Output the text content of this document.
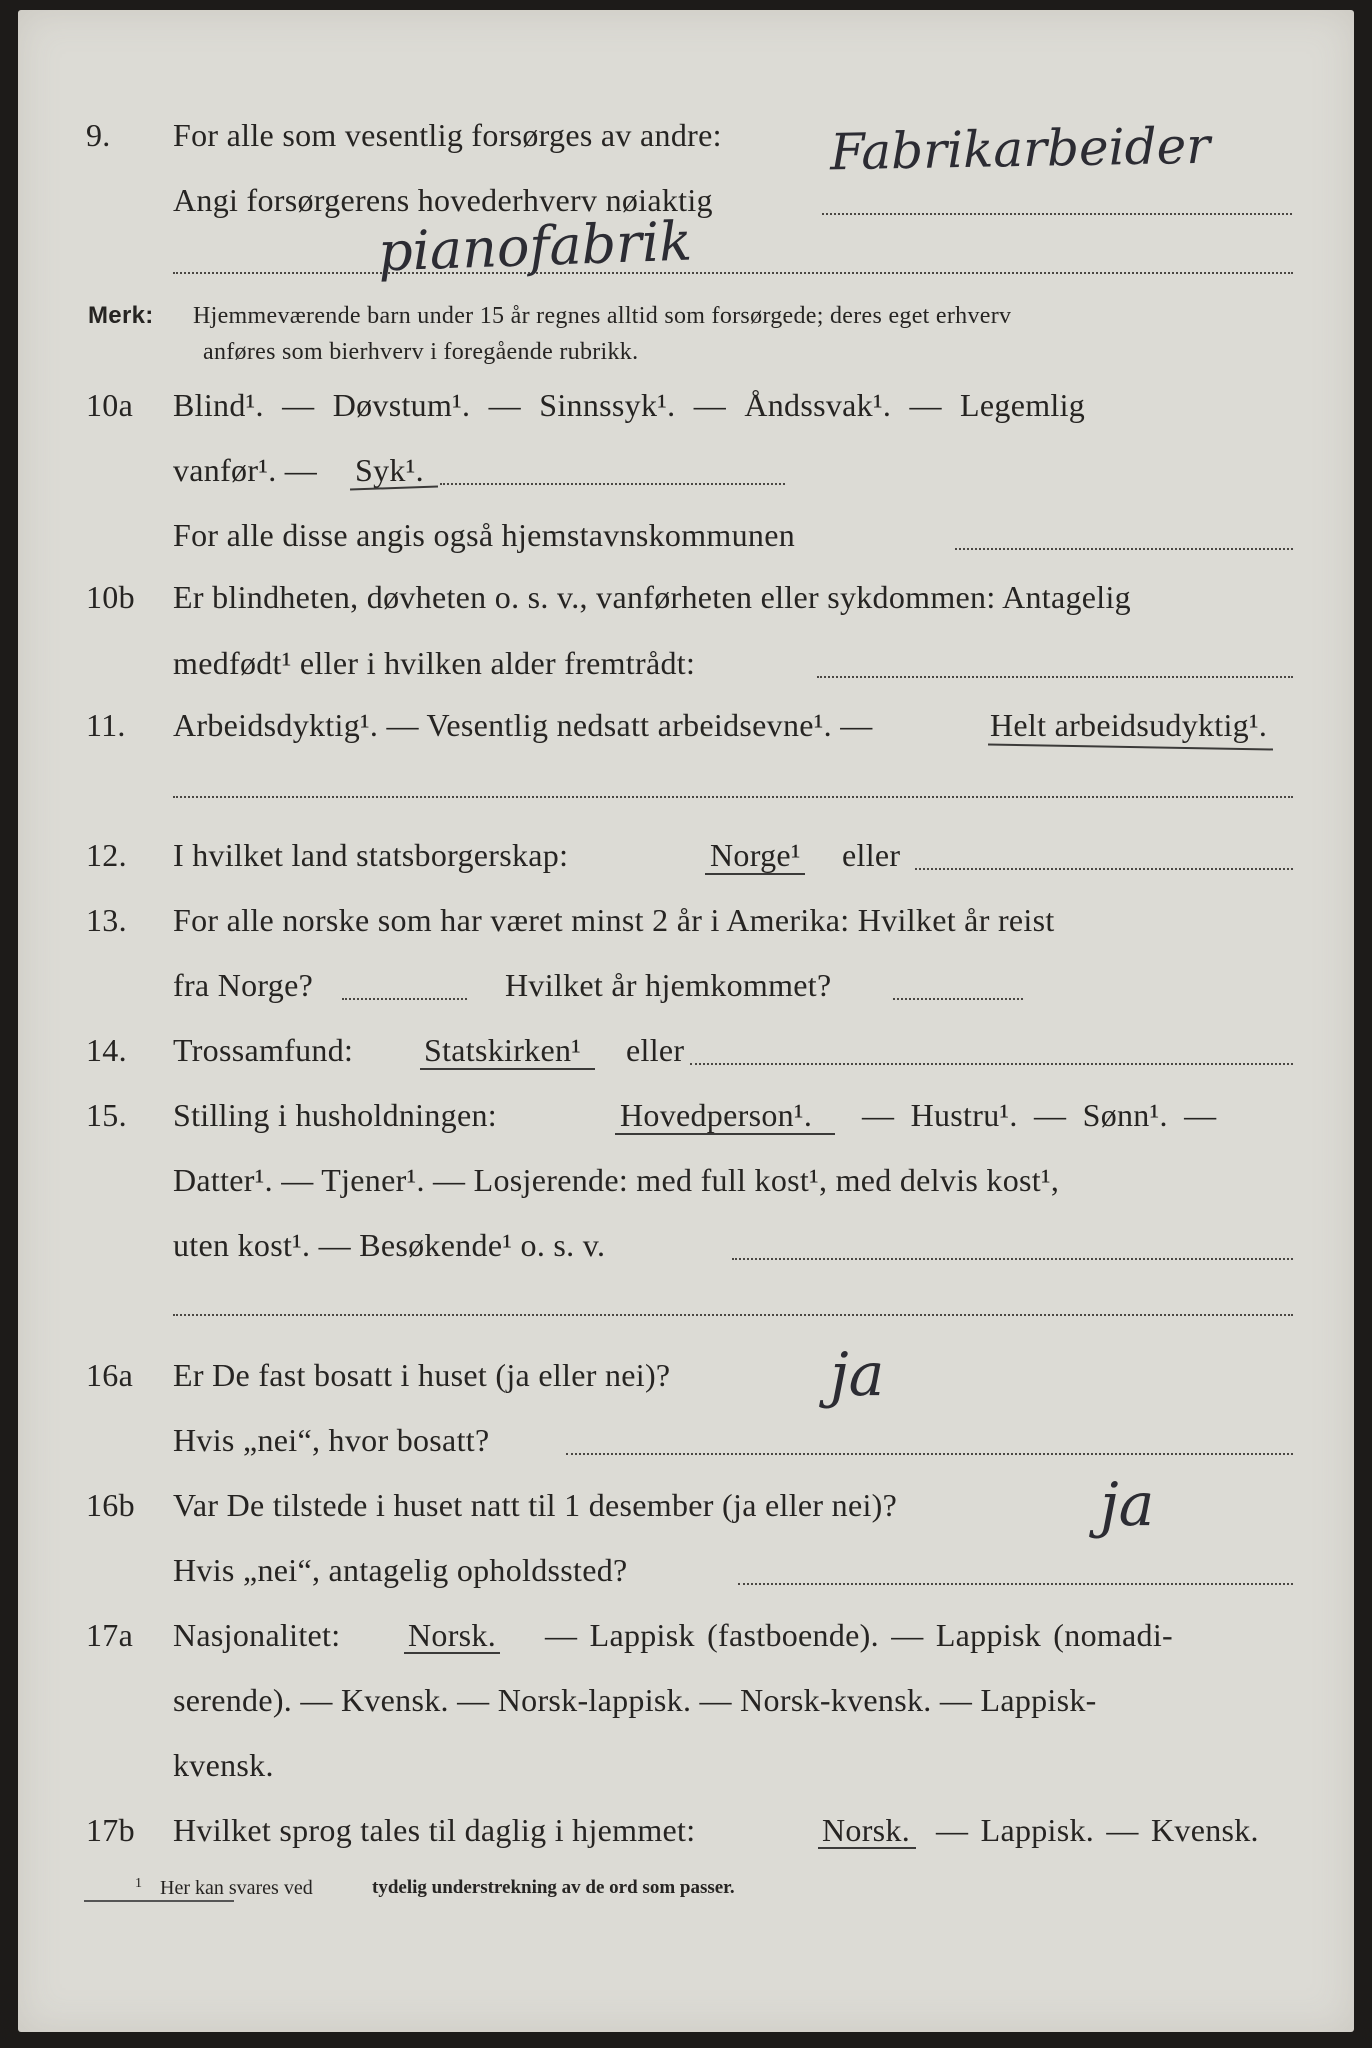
9. For alle som vesentlig forsørges av andre:
Angi forsørgerens hovederhverv nøiaktig
Fabrikarbeider
pianofabrik
Merk: Hjemmeværende barn under 15 år regnes alltid som forsørgede; deres eget erhverv
anføres som bierhverv i foregående rubrikk.
10a Blind¹. — Døvstum¹. — Sinnssyk¹. — Åndssvak¹. — Legemlig
vanfør¹. — Syk¹.
For alle disse angis også hjemstavnskommunen
10b Er blindheten, døvheten o. s. v., vanførheten eller sykdommen: Antagelig
medfødt¹ eller i hvilken alder fremtrådt:
11. Arbeidsdyktig¹. — Vesentlig nedsatt arbeidsevne¹. —	Helt arbeidsudyktig¹.
12. I hvilket land statsborgerskap:	Norge¹ eller
13. For alle norske som har været minst 2 år i Amerika: Hvilket år reist
fra Norge?	Hvilket år hjemkommet?
14. Trossamfund: Statskirken¹ eller
15. Stilling i husholdningen:	Hovedperson¹. — Hustru¹. — Sønn¹. —
Datter¹. — Tjener¹. — Losjerende: med full kost¹, med delvis kost¹,
uten kost¹. — Besøkende¹ o. s. v.
16a Er De fast bosatt i huset (ja eller nei)?	ja
Hvis „nei“, hvor bosatt?
16b Var De tilstede i huset natt til 1 desember (ja eller nei)?	ja
Hvis „nei“, antagelig opholdssted?
17a Nasjonalitet: Norsk. — Lappisk (fastboende). — Lappisk (nomadi-
serende). — Kvensk. — Norsk-lappisk. — Norsk-kvensk. — Lappisk-
kvensk.
17b Hvilket sprog tales til daglig i hjemmet:	Norsk. — Lappisk. — Kvensk.
1 Her kan svares ved	tydelig understrekning av de ord som passer.
